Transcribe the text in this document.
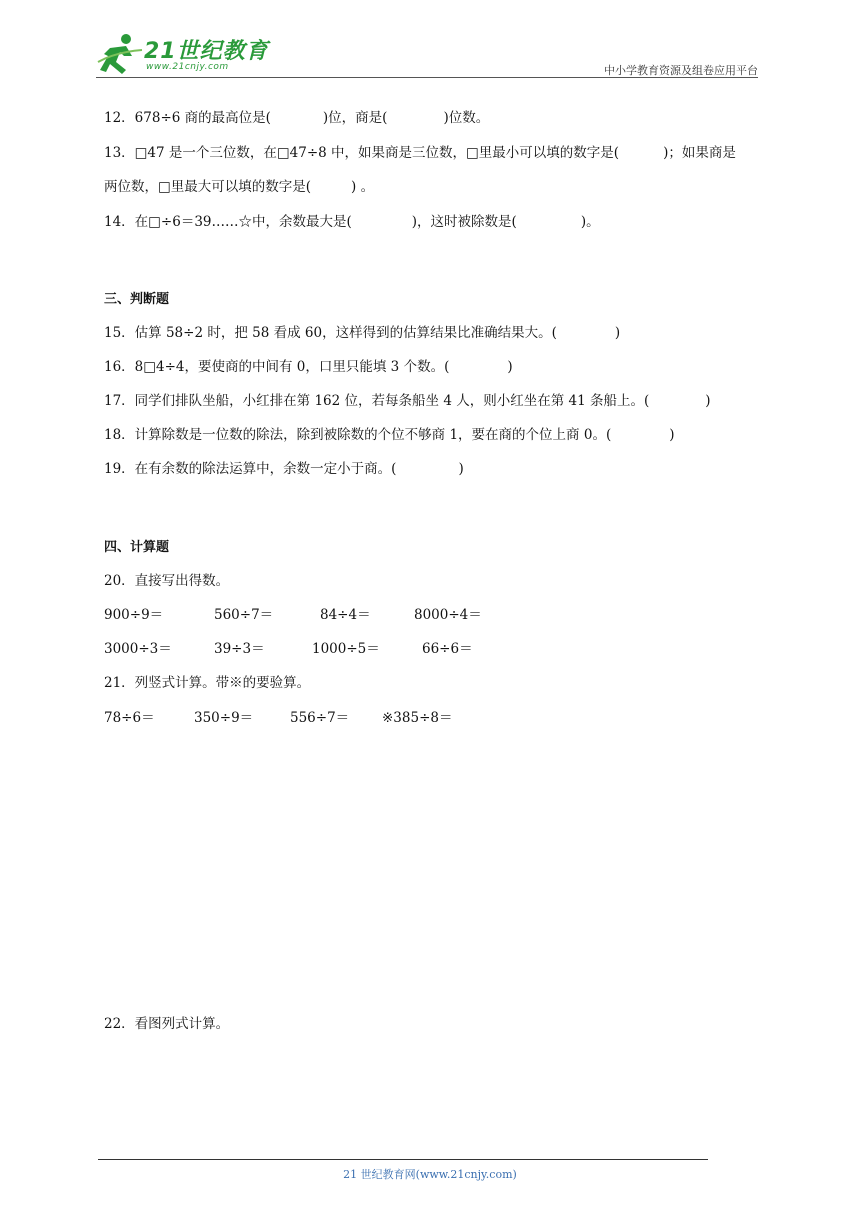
21世纪教育
www.21cnjy.com	中小学教育资源及组卷应用平台
12．678÷6 商的最高位是(	)位，商是(	)位数。
13．□47 是一个三位数，在□47÷8 中，如果商是三位数，□里最小可以填的数字是(	)；如果商是
两位数，□里最大可以填的数字是(	) 。
14．在□÷6＝39……☆中，余数最大是(	)，这时被除数是(	)。
三、判断题
15．估算 58÷2 时，把 58 看成 60，这样得到的估算结果比准确结果大。(	)
16．8□4÷4，要使商的中间有 0，口里只能填 3 个数。(	)
17．同学们排队坐船，小红排在第 162 位，若每条船坐 4 人，则小红坐在第 41 条船上。(	)
18．计算除数是一位数的除法，除到被除数的个位不够商 1，要在商的个位上商 0。(	)
19．在有余数的除法运算中，余数一定小于商。(	)
四、计算题
20．直接写出得数。
900÷9＝	560÷7＝	84÷4＝	8000÷4＝
3000÷3＝	39÷3＝	1000÷5＝	66÷6＝
21．列竖式计算。带※的要验算。
78÷6＝	350÷9＝	556÷7＝ ※385÷8＝
22．看图列式计算。
21 世纪教育网(www.21cnjy.com)
